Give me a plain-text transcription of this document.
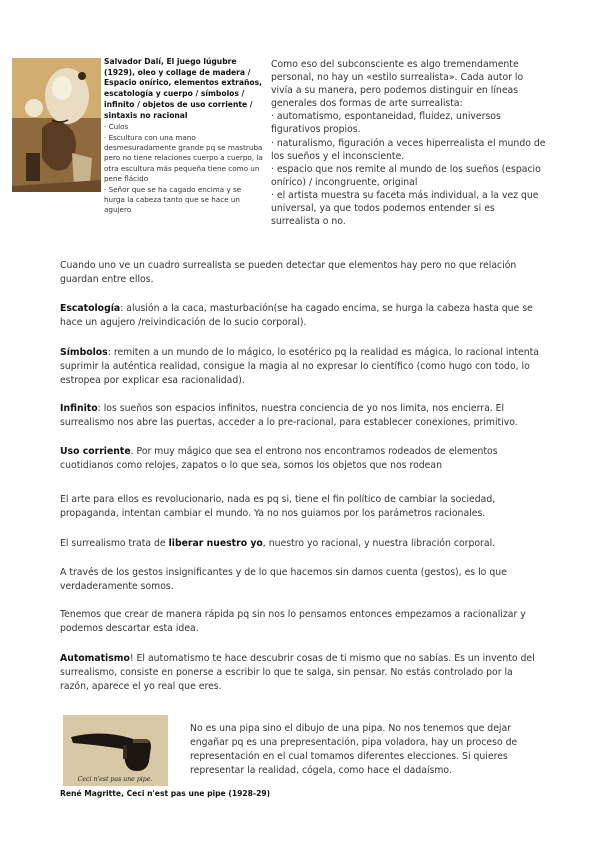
Salvador Dalí, El juego lúgubre (1929), oleo y collage de madera / Espacio onírico, elementos extraños, escatología y cuerpo / símbolos / infinito / objetos de uso corriente / sintaxis no racional
· Culos
· Escultura con una mano desmesuradamente grande pq se mastruba pero no tiene relaciones cuerpo a cuerpo, la otra escultura más pequeña tiene como un pene flácido
· Señor que se ha cagado encima y se hurga la cabeza tanto que se hace un agujero

Como eso del subconsciente es algo tremendamente personal, no hay un «estilo surrealista». Cada autor lo vivía a su manera, pero podemos distinguir en líneas generales dos formas de arte surrealista:

· automatismo, espontaneidad, fluidez, universos figurativos propios.

· naturalismo, figuración a veces hiperrealista el mundo de los sueños y el inconsciente.

· espacio que nos remite al mundo de los sueños (espacio onírico) / incongruente, original

· el artista muestra su faceta más individual, a la vez que universal, ya que todos podemos entender si es surrealista o no.

Cuando uno ve un cuadro surrealista se pueden detectar que elementos hay pero no que relación guardan entre ellos.

Escatología: alusión a la caca, masturbación(se ha cagado encima, se hurga la cabeza hasta que se hace un agujero /reivindicación de lo sucio corporal).

Símbolos: remiten a un mundo de lo mágico, lo esotérico pq la realidad es mágica, lo racional intenta suprimir la auténtica realidad, consigue la magia al no expresar lo científico (como hugo con todo, lo estropea por explicar esa racionalidad).

Infinito: los sueños son espacios infinitos, nuestra conciencia de yo nos limita, nos encierra. El surrealismo nos abre las puertas, acceder a lo pre-racional, para establecer conexiones, primitivo.

Uso corriente. Por muy mágico que sea el entrono nos encontramos rodeados de elementos cuotidianos como relojes, zapatos o lo que sea, somos los objetos que nos rodean

El arte para ellos es revolucionario, nada es pq si, tiene el fin político de cambiar la sociedad, propaganda, intentan cambiar el mundo. Ya no nos guiamos por los parámetros racionales.

El surrealismo trata de liberar nuestro yo, nuestro yo racional, y nuestra libración corporal.

A través de los gestos insignificantes y de lo que hacemos sin damos cuenta (gestos), es lo que verdaderamente somos.

Tenemos que crear de manera rápida pq sin nos lo pensamos entonces empezamos a racionalizar y podemos descartar esta idea.

Automatismo! El automatismo te hace descubrir cosas de ti mismo que no sabías. Es un invento del surrealismo, consiste en ponerse a escribir lo que te salga, sin pensar. No estás controlado por la razón, aparece el yo real que eres.

Ceci n'est pas une pipe.

No es una pipa sino el dibujo de una pipa. No nos tenemos que dejar engañar pq es una prepresentación, pipa voladora, hay un proceso de representación en el cual tomamos diferentes elecciones. Si quieres representar la realidad, cógela, como hace el dadaísmo.

René Magritte, Ceci n'est pas une pipe (1928-29)
